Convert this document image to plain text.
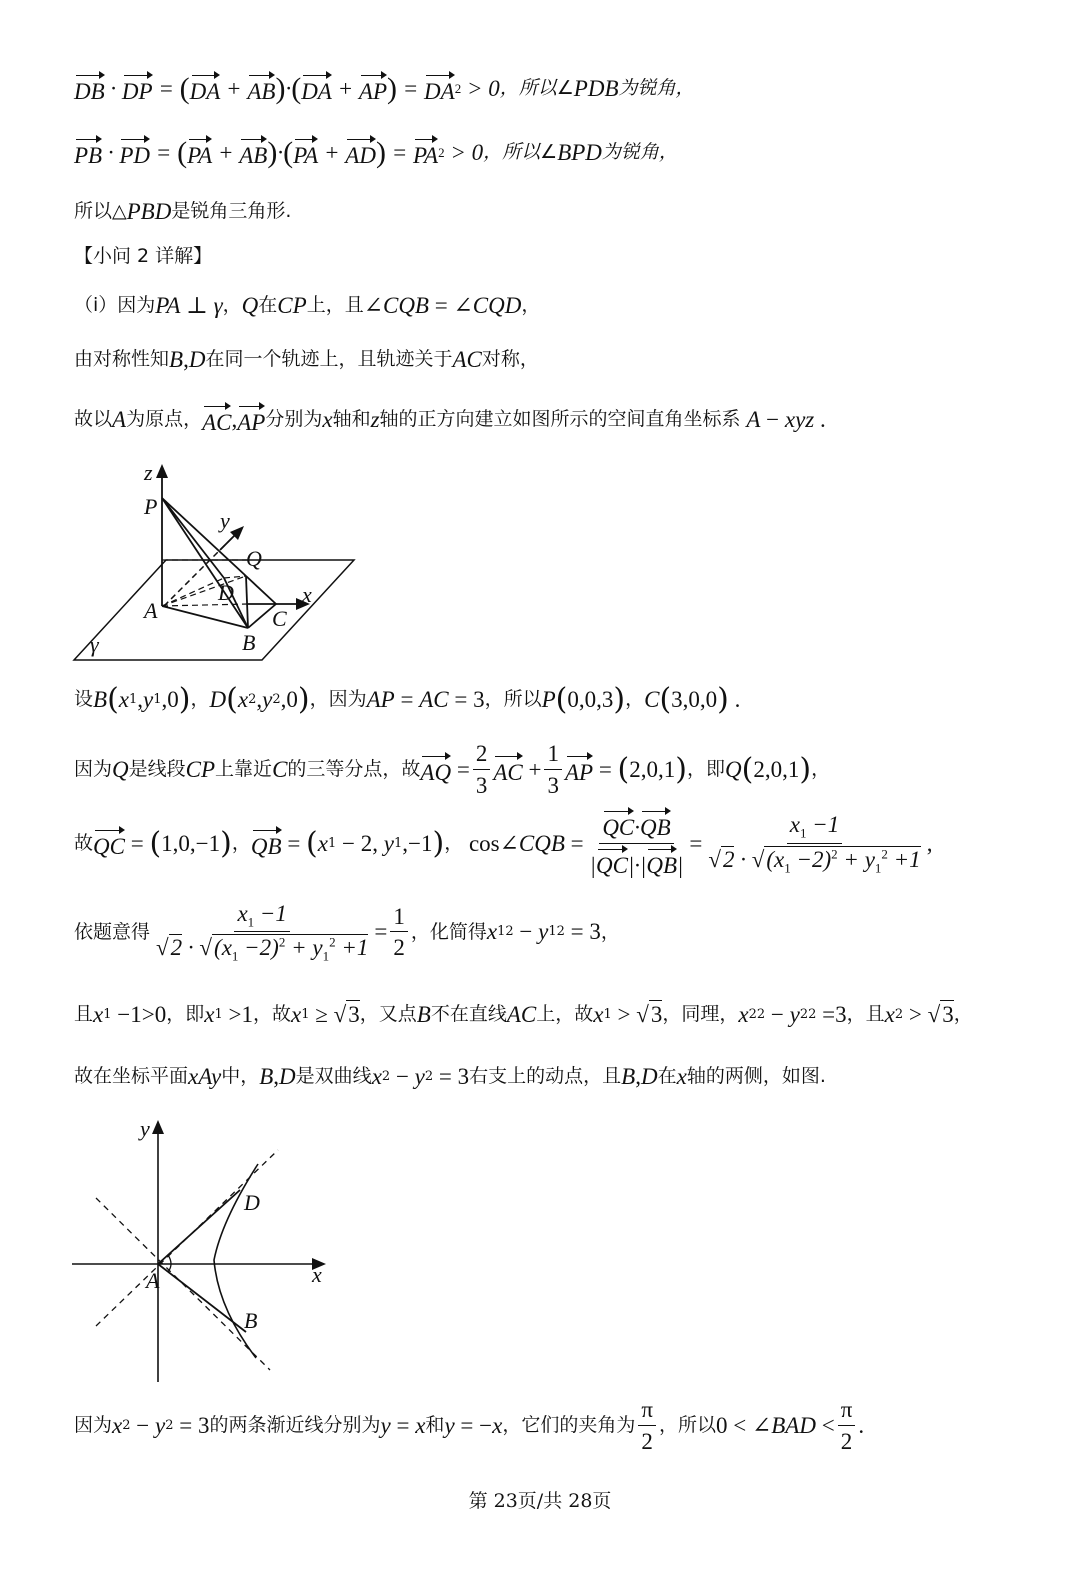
DB · DP = ( DA + AB ) · ( DA + AP ) = DA 2 > 0 ，所以∠ PDB 为锐角，
PB · PD = ( PA + AB ) · ( PA + AD ) = PA 2 > 0 ，所以∠ BPD 为锐角，
所以△ PBD 是锐角三角形.
【小问 2 详解】
（i）因为 PA ⊥ γ ， Q 在 CP 上，且 ∠CQB = ∠CQD ，
由对称性知 B , D 在同一个轨迹上，且轨迹关于 AC 对称，
故以 A 为原点， AC , AP 分别为 x 轴和 z 轴的正方向建立如图所示的空间直角坐标系 A − xyz .
z
P
y
Q
D	x
A	C
B
γ
设 B ( x 1 , y 1 ,0 ) ， D ( x 2 , y 2 ,0 ) ，因为 AP = AC = 3 ，所以 P ( 0,0,3 ) ， C ( 3,0,0 ) .
因为 Q 是线段 CP 上靠近 C 的三等分点，故 AQ = $\frac{2}{3}$ AC + $\frac{1}{3}$ AP = ( 2,0,1 ) ，即 Q ( 2,0,1 ) ，
故 QC = ( 1,0,−1 ) ， QB = ( x 1 − 2, y 1 ,−1 ) ， cos ∠CQB = $\frac{QC\cdot QB}{|QC|\cdot|QB|} = \frac{x_1 -1}{√2 \cdot √(x_1 -2)^2 + y_1^2 +1}$ ,
依题意得 $\frac{x_1 -1}{√2 \cdot √(x_1 -2)^2 + y_1^2 +1} = \frac{1}{2}$ ，化简得 x 1 2 − y 1 2 = 3 ，
且 x 1 −1>0 ，即 x 1 >1 ，故 x 1 ≥ √ 3 ，又点 B 不在直线 AC 上，故 x 1 > √ 3 ，同理， x 2 2 − y 2 2 =3 ，且 x 2 > √ 3 ，
故在坐标平面 xAy 中， B , D 是双曲线 x 2 − y 2 = 3 右支上的动点，且 B , D 在 x 轴的两侧，如图.
y
x
A
D
B
因为 x 2 − y 2 = 3 的两条渐近线分别为 y = x 和 y = − x ，它们的夹角为 $\frac{\pi}{2}$ ，所以 0 < ∠BAD < $\frac{\pi}{2}$ .
第 23页/共 28页
